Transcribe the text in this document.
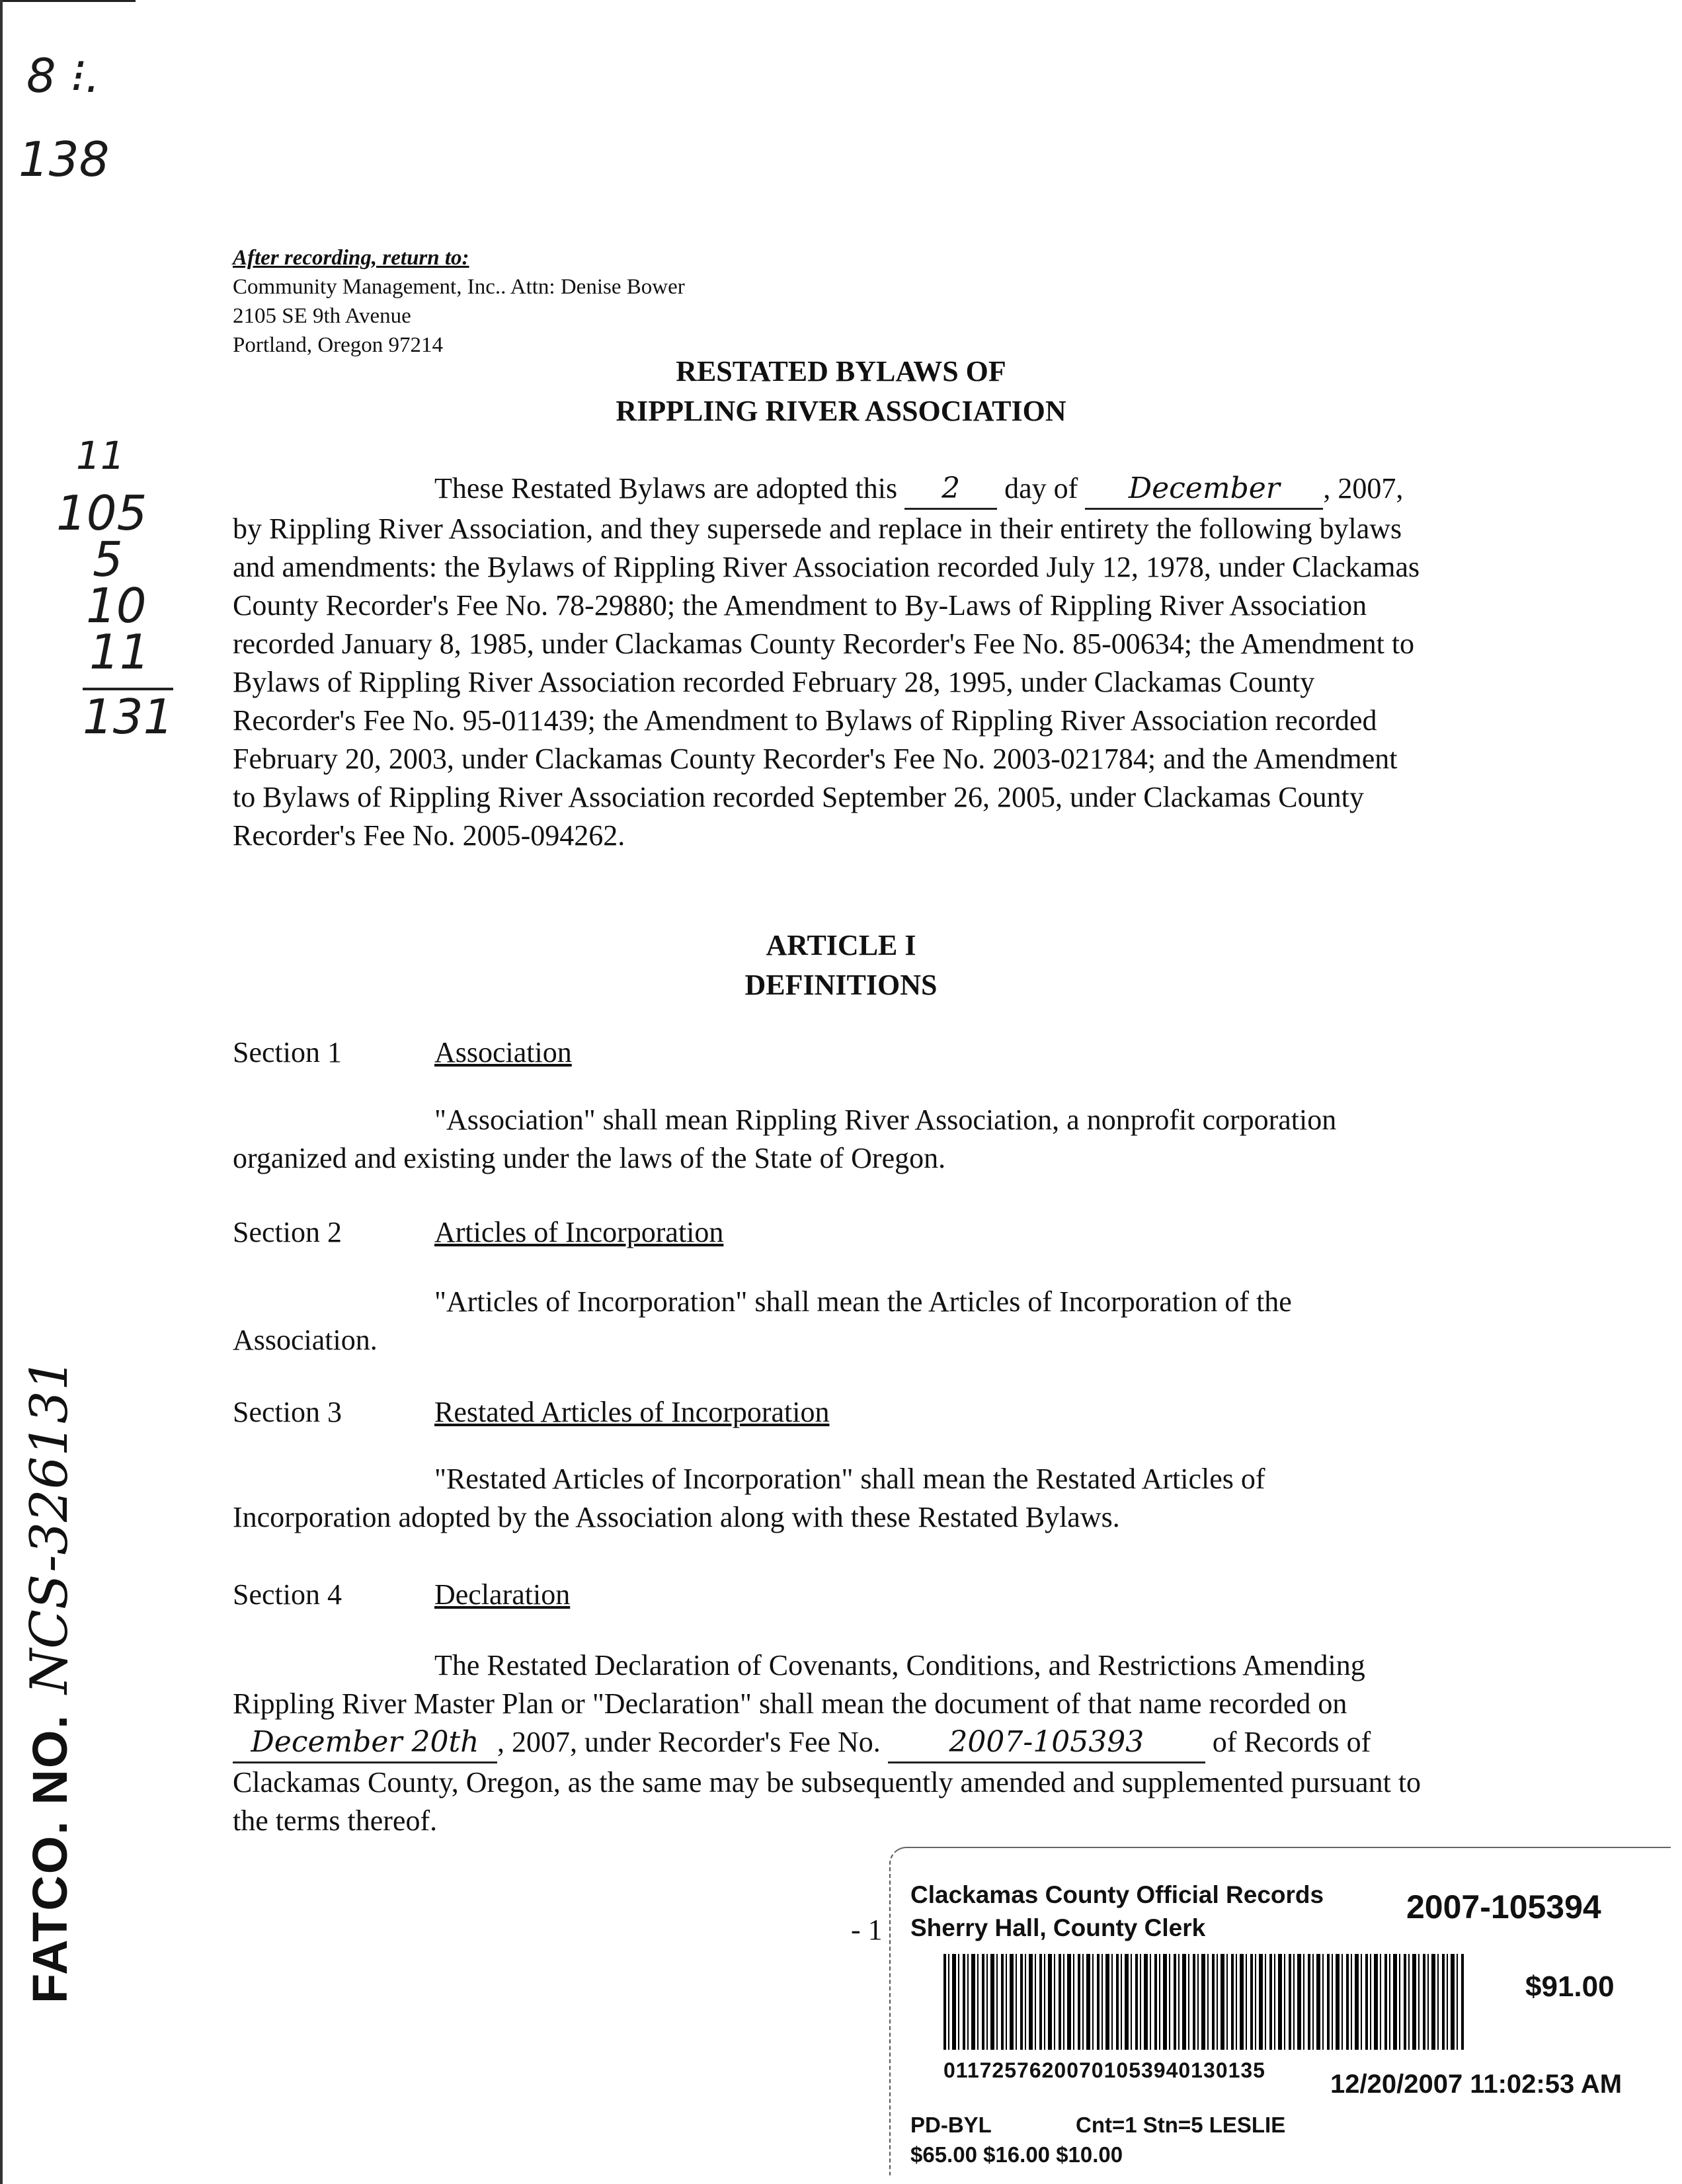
8 ⁝.
138
11
105
5
10
11
131
After recording, return to:
Community Management, Inc.. Attn: Denise Bower
2105 SE 9th Avenue
Portland, Oregon 97214
RESTATED BYLAWS OF
RIPPLING RIVER ASSOCIATION
These Restated Bylaws are adopted this 2 day of December , 2007, by Rippling River Association, and they supersede and replace in their entirety the following bylaws and amendments: the Bylaws of Rippling River Association recorded July 12, 1978, under Clackamas County Recorder's Fee No. 78-29880; the Amendment to By-Laws of Rippling River Association recorded January 8, 1985, under Clackamas County Recorder's Fee No. 85-00634; the Amendment to Bylaws of Rippling River Association recorded February 28, 1995, under Clackamas County Recorder's Fee No. 95-011439; the Amendment to Bylaws of Rippling River Association recorded February 20, 2003, under Clackamas County Recorder's Fee No. 2003-021784; and the Amendment to Bylaws of Rippling River Association recorded September 26, 2005, under Clackamas County Recorder's Fee No. 2005-094262.
ARTICLE I
DEFINITIONS
Section 1	Association
"Association" shall mean Rippling River Association, a nonprofit corporation organized and existing under the laws of the State of Oregon.
Section 2	Articles of Incorporation
"Articles of Incorporation" shall mean the Articles of Incorporation of the Association.
Section 3	Restated Articles of Incorporation
"Restated Articles of Incorporation" shall mean the Restated Articles of Incorporation adopted by the Association along with these Restated Bylaws.
Section 4	Declaration
The Restated Declaration of Covenants, Conditions, and Restrictions Amending Rippling River Master Plan or "Declaration" shall mean the document of that name recorded on December 20th , 2007, under Recorder's Fee No. 2007-105393 of Records of Clackamas County, Oregon, as the same may be subsequently amended and supplemented pursuant to the terms thereof.
- 1
FATCO. NO.NCS-326131
Clackamas County Official Records
Sherry Hall, County Clerk
2007-105394
$91.00
01172576200701053940130135 12/20/2007 11:02:53 AM
PD-BYL	Cnt=1 Stn=5 LESLIE
$65.00 $16.00 $10.00
